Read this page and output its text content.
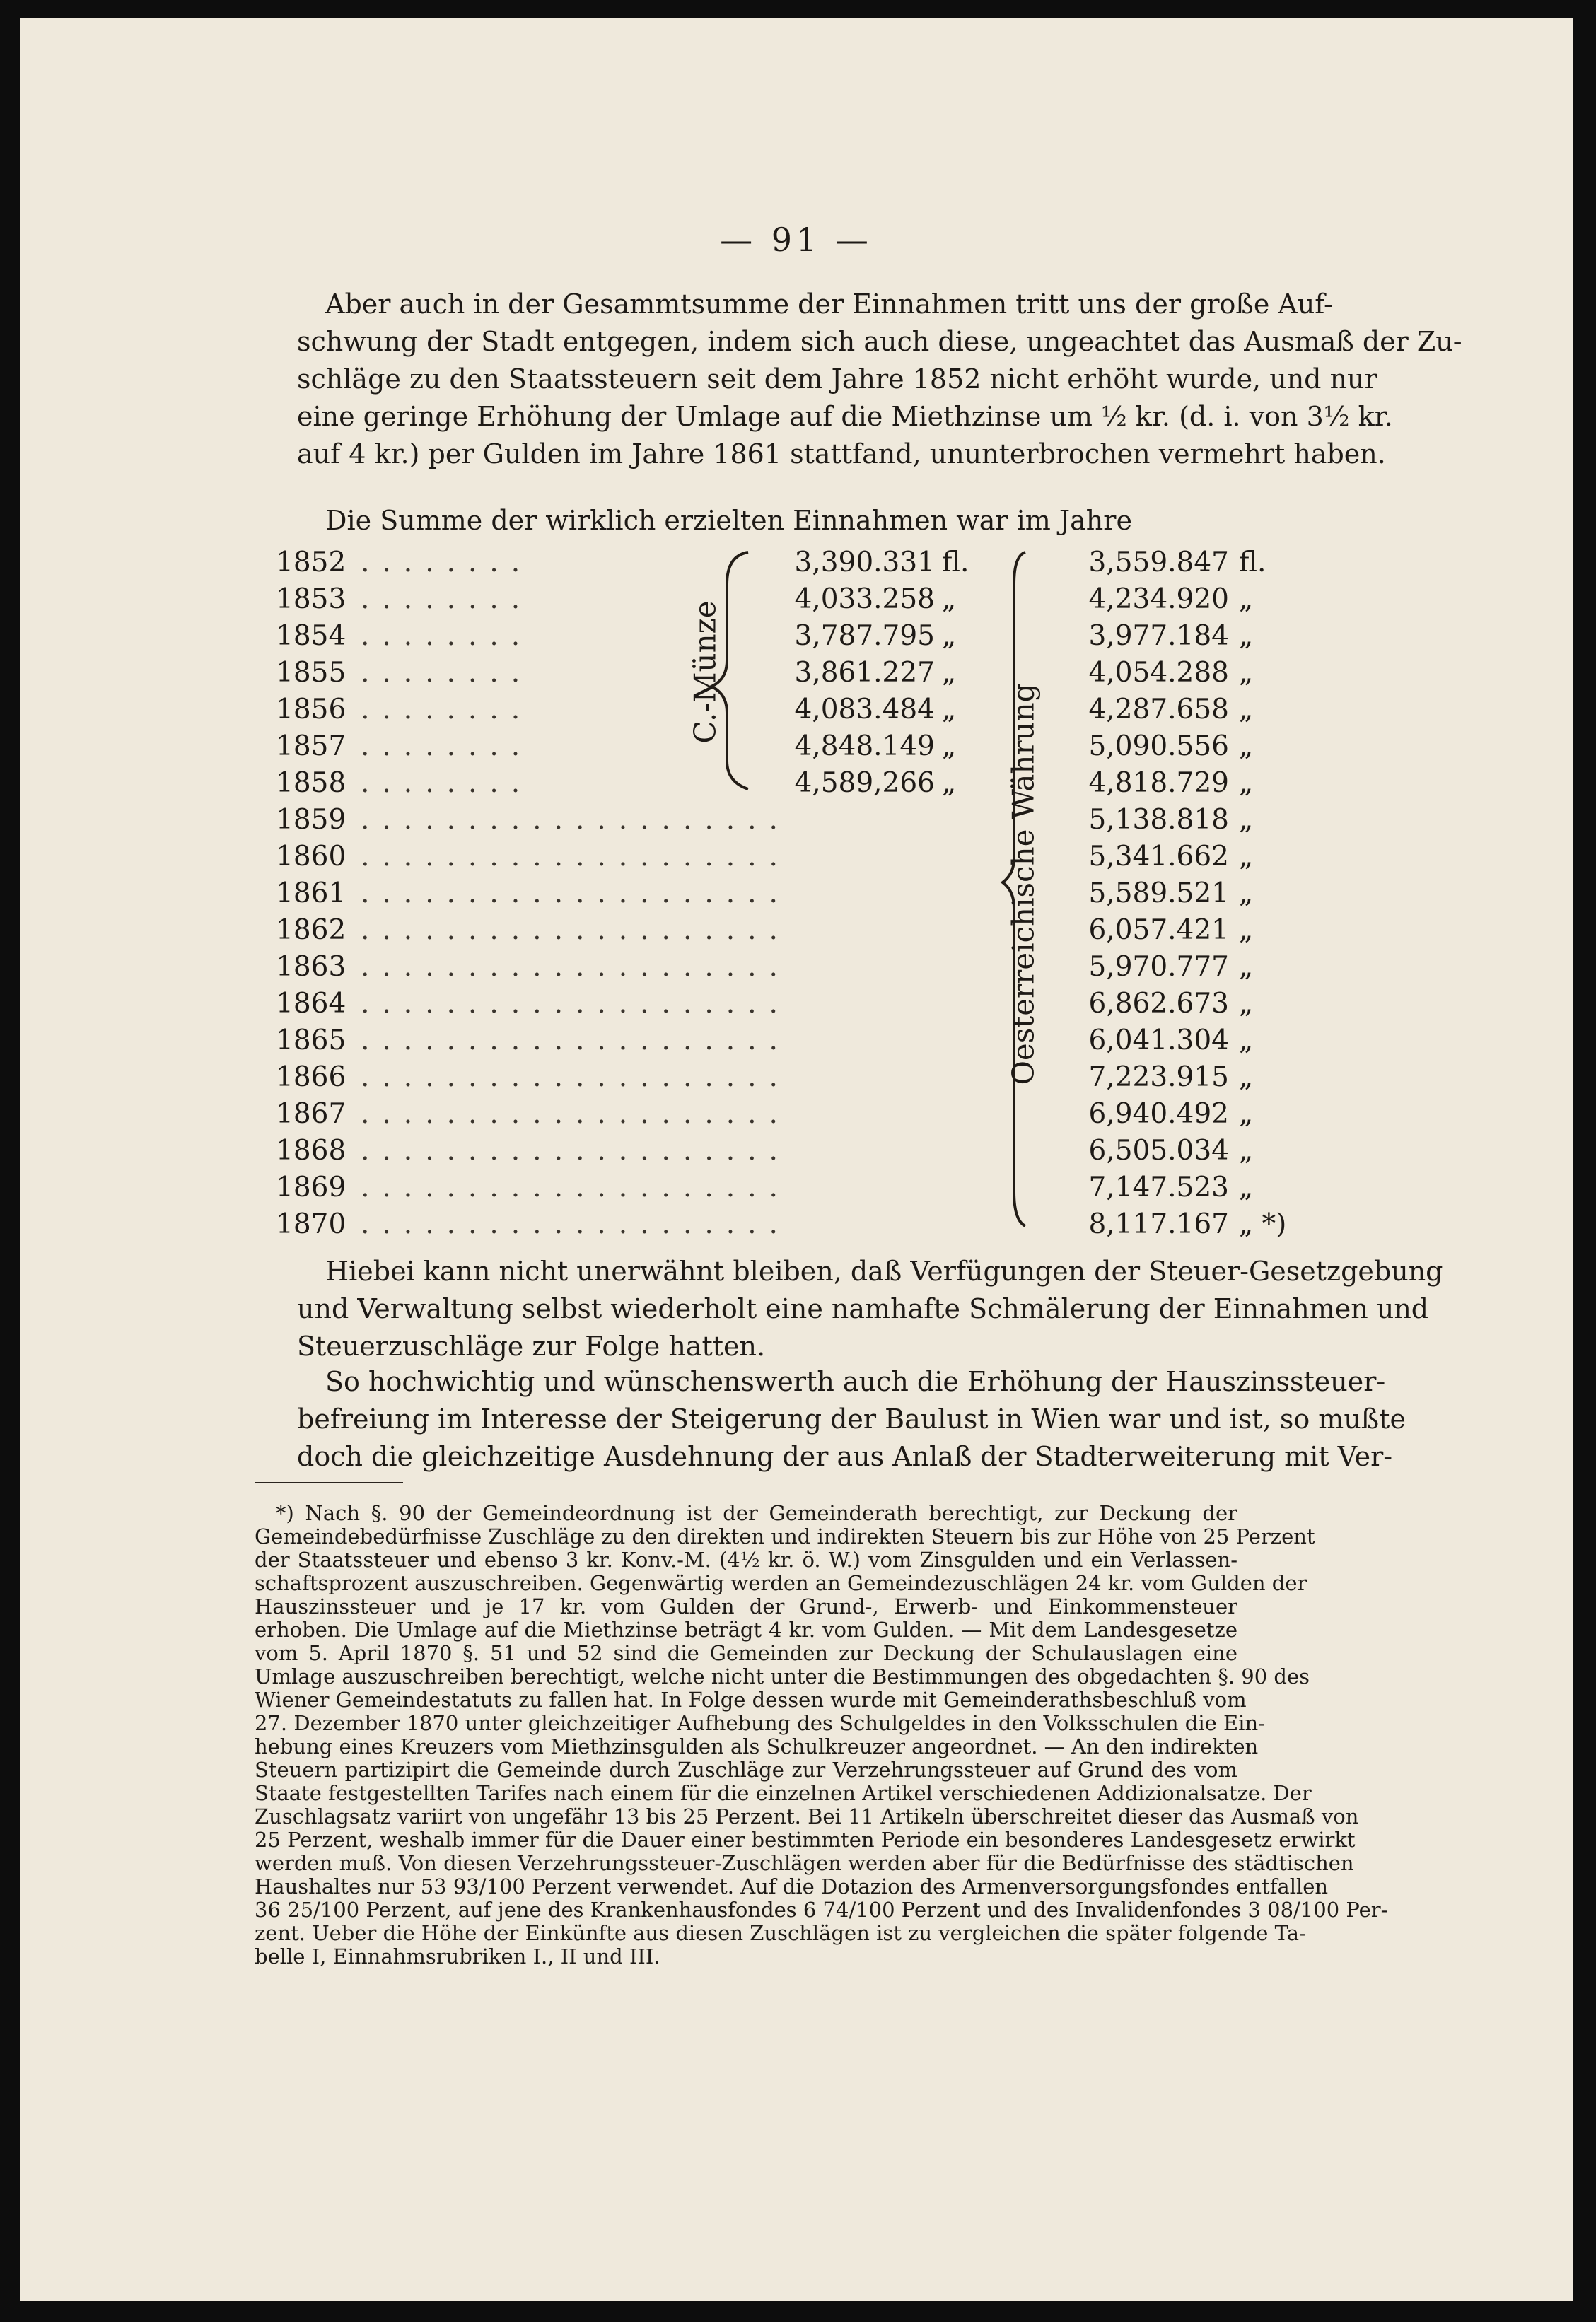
— 91 —

Aber auch in der Gesammtsumme der Einnahmen tritt uns der große Auf-
schwung der Stadt entgegen, indem sich auch diese, ungeachtet das Ausmaß der Zu-
schläge zu den Staatssteuern seit dem Jahre 1852 nicht erhöht wurde, und nur
eine geringe Erhöhung der Umlage auf die Miethzinse um ½ kr. (d. i. von 3½ kr.
auf 4 kr.) per Gulden im Jahre 1861 stattfand, ununterbrochen vermehrt haben.

Die Summe der wirklich erzielten Einnahmen war im Jahre

C.-Münze
Oesterreichische Währung
1852 ........	3,390.331 fl.	3,559.847 fl.
1853 ........	4,033.258 „	4,234.920 „
1854 ........	3,787.795 „	3,977.184 „
1855 ........	3,861.227 „	4,054.288 „
1856 ........	4,083.484 „	4,287.658 „
1857 ........	4,848.149 „	5,090.556 „
1858 ........	4,589,266 „	4,818.729 „
1859 ....................	5,138.818 „
1860 ....................	5,341.662 „
1861 ....................	5,589.521 „
1862 ....................	6,057.421 „
1863 ....................	5,970.777 „
1864 ....................	6,862.673 „
1865 ....................	6,041.304 „
1866 ....................	7,223.915 „
1867 ....................	6,940.492 „
1868 ....................	6,505.034 „
1869 ....................	7,147.523 „
1870 ....................	8,117.167 „ *)

Hiebei kann nicht unerwähnt bleiben, daß Verfügungen der Steuer-Gesetzgebung
und Verwaltung selbst wiederholt eine namhafte Schmälerung der Einnahmen und
Steuerzuschläge zur Folge hatten.

So hochwichtig und wünschenswerth auch die Erhöhung der Hauszinssteuer-
befreiung im Interesse der Steigerung der Baulust in Wien war und ist, so mußte
doch die gleichzeitige Ausdehnung der aus Anlaß der Stadterweiterung mit Ver-

*) Nach §. 90 der Gemeindeordnung ist der Gemeinderath berechtigt, zur Deckung der
Gemeindebedürfnisse Zuschläge zu den direkten und indirekten Steuern bis zur Höhe von 25 Perzent
der Staatssteuer und ebenso 3 kr. Konv.-M. (4½ kr. ö. W.) vom Zinsgulden und ein Verlassen-
schaftsprozent auszuschreiben. Gegenwärtig werden an Gemeindezuschlägen 24 kr. vom Gulden der
Hauszinssteuer und je 17 kr. vom Gulden der Grund-, Erwerb- und Einkommensteuer
erhoben. Die Umlage auf die Miethzinse beträgt 4 kr. vom Gulden. — Mit dem Landesgesetze
vom 5. April 1870 §. 51 und 52 sind die Gemeinden zur Deckung der Schulauslagen eine
Umlage auszuschreiben berechtigt, welche nicht unter die Bestimmungen des obgedachten §. 90 des
Wiener Gemeindestatuts zu fallen hat. In Folge dessen wurde mit Gemeinderathsbeschluß vom
27. Dezember 1870 unter gleichzeitiger Aufhebung des Schulgeldes in den Volksschulen die Ein-
hebung eines Kreuzers vom Miethzinsgulden als Schulkreuzer angeordnet. — An den indirekten
Steuern partizipirt die Gemeinde durch Zuschläge zur Verzehrungssteuer auf Grund des vom
Staate festgestellten Tarifes nach einem für die einzelnen Artikel verschiedenen Addizionalsatze. Der
Zuschlagsatz variirt von ungefähr 13 bis 25 Perzent. Bei 11 Artikeln überschreitet dieser das Ausmaß von
25 Perzent, weshalb immer für die Dauer einer bestimmten Periode ein besonderes Landesgesetz erwirkt
werden muß. Von diesen Verzehrungssteuer-Zuschlägen werden aber für die Bedürfnisse des städtischen
Haushaltes nur 53 93/100 Perzent verwendet. Auf die Dotazion des Armenversorgungsfondes entfallen
36 25/100 Perzent, auf jene des Krankenhausfondes 6 74/100 Perzent und des Invalidenfondes 3 08/100 Per-
zent. Ueber die Höhe der Einkünfte aus diesen Zuschlägen ist zu vergleichen die später folgende Ta-
belle I, Einnahmsrubriken I., II und III.
